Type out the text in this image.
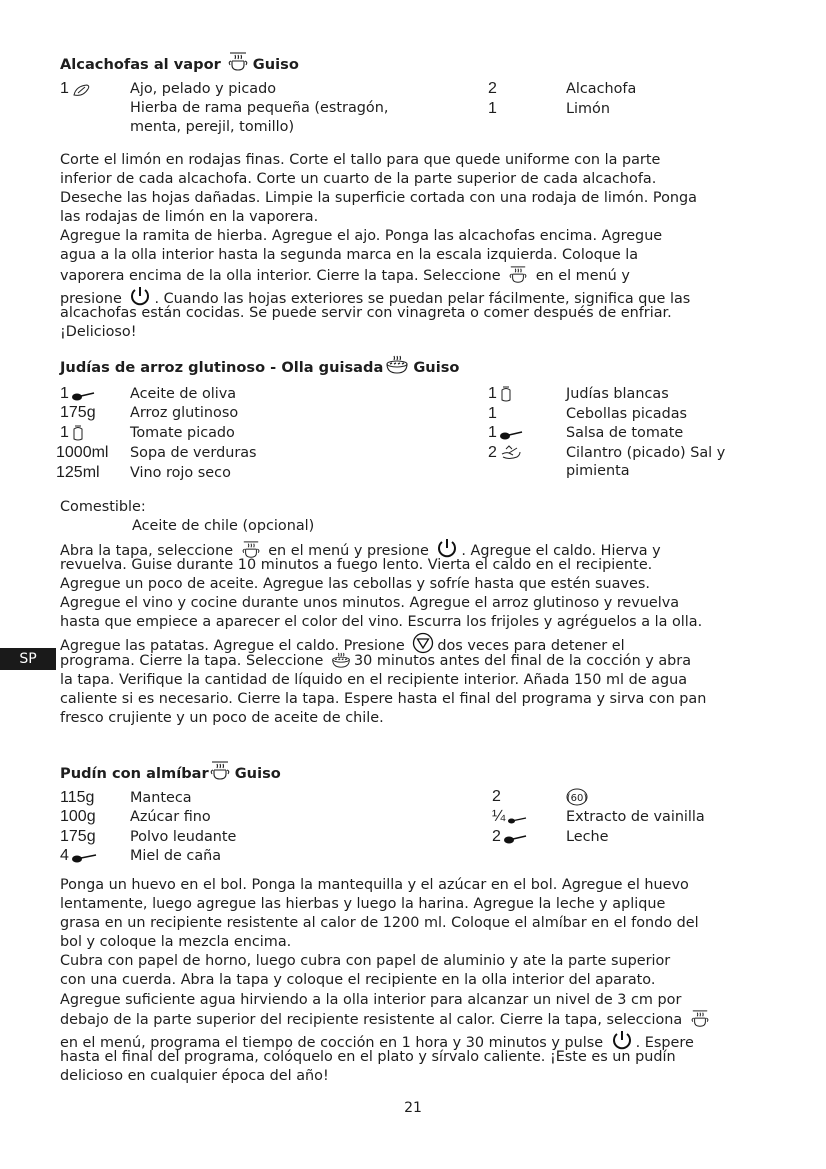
Alcachofas al vapor Guiso
1	Ajo, pelado y picado
Hierba de rama pequeña (estragón,
menta, perejil, tomillo)
2	Alcachofa
1	Limón
Corte el limón en rodajas finas. Corte el tallo para que quede uniforme con la parte
inferior de cada alcachofa. Corte un cuarto de la parte superior de cada alcachofa.
Deseche las hojas dañadas. Limpie la superficie cortada con una rodaja de limón. Ponga
las rodajas de limón en la vaporera.
Agregue la ramita de hierba. Agregue el ajo. Ponga las alcachofas encima. Agregue
agua a la olla interior hasta la segunda marca en la escala izquierda. Coloque la
vaporera encima de la olla interior. Cierre la tapa. Seleccione  en el menú y
presione . Cuando las hojas exteriores se puedan pelar fácilmente, significa que las
alcachofas están cocidas. Se puede servir con vinagreta o comer después de enfriar.
¡Delicioso!
Judías de arroz glutinoso - Olla guisada Guiso
1	Aceite de oliva
175g Arroz glutinoso
1	Tomate picado
1000ml Sopa de verduras
125ml Vino rojo seco
1	Judías blancas
1	Cebollas picadas
1	Salsa de tomate
2	Cilantro (picado) Sal y
pimienta
Comestible:
Aceite de chile (opcional)
Abra la tapa, seleccione  en el menú y presione . Agregue el caldo. Hierva y
revuelva. Guise durante 10 minutos a fuego lento. Vierta el caldo en el recipiente.
Agregue un poco de aceite. Agregue las cebollas y sofríe hasta que estén suaves.
Agregue el vino y cocine durante unos minutos. Agregue el arroz glutinoso y revuelva
hasta que empiece a aparecer el color del vino. Escurra los frijoles y agréguelos a la olla.
Agregue las patatas. Agregue el caldo. Presione dos veces para detener el
programa. Cierre la tapa. Seleccione 30 minutos antes del final de la cocción y abra
la tapa. Verifique la cantidad de líquido en el recipiente interior. Añada 150 ml de agua
caliente si es necesario. Cierre la tapa. Espere hasta el final del programa y sirva con pan
fresco crujiente y un poco de aceite de chile.
SP
Pudín con almíbar Guiso
115g Manteca
100g Azúcar fino
175g Polvo leudante
4	Miel de caña
2	(60)
¼	Extracto de vainilla
2	Leche
Ponga un huevo en el bol. Ponga la mantequilla y el azúcar en el bol. Agregue el huevo
lentamente, luego agregue las hierbas y luego la harina. Agregue la leche y aplique
grasa en un recipiente resistente al calor de 1200 ml. Coloque el almíbar en el fondo del
bol y coloque la mezcla encima.
Cubra con papel de horno, luego cubra con papel de aluminio y ate la parte superior
con una cuerda. Abra la tapa y coloque el recipiente en la olla interior del aparato.
Agregue suficiente agua hirviendo a la olla interior para alcanzar un nivel de 3 cm por
debajo de la parte superior del recipiente resistente al calor. Cierre la tapa, selecciona
en el menú, programa el tiempo de cocción en 1 hora y 30 minutos y pulse . Espere
hasta el final del programa, colóquelo en el plato y sírvalo caliente. ¡Este es un pudín
delicioso en cualquier época del año!
21
